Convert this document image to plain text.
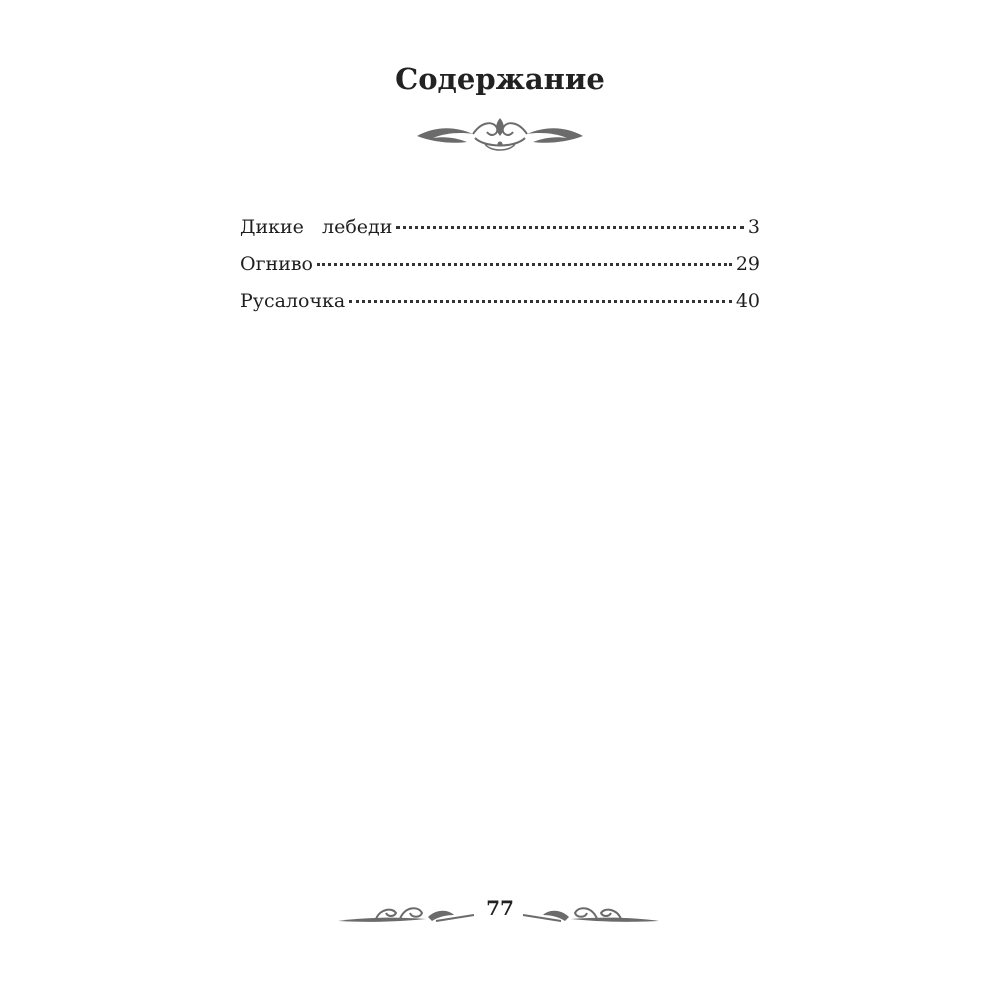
Содержание
Дикие   лебеди	3
Огниво	29
Русалочка	40
77
